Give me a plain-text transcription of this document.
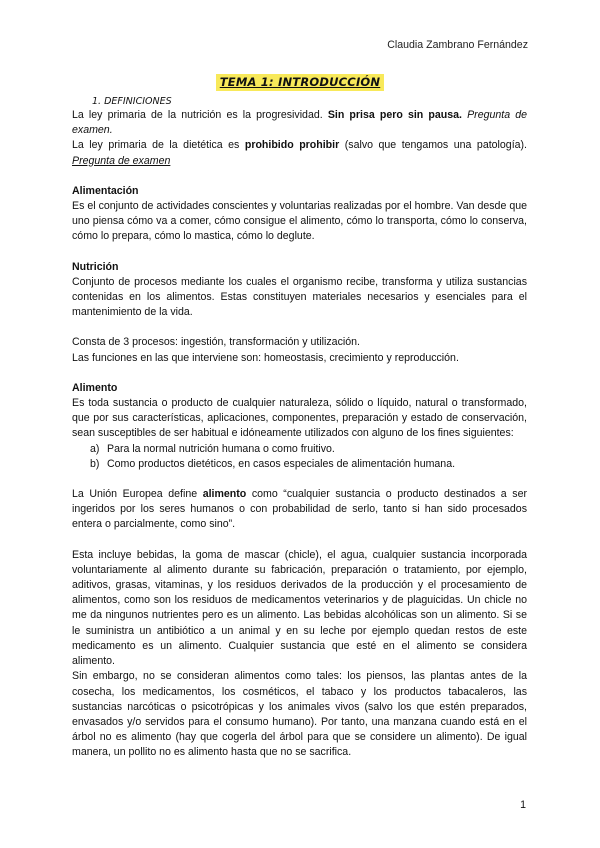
Claudia Zambrano Fernández
TEMA 1: INTRODUCCIÓN
1. DEFINICIONES

La ley primaria de la nutrición es la progresividad. Sin prisa pero sin pausa. Pregunta de examen.

La ley primaria de la dietética es prohibido prohibir (salvo que tengamos una patología). Pregunta de examen

Alimentación

Es el conjunto de actividades conscientes y voluntarias realizadas por el hombre. Van desde que uno piensa cómo va a comer, cómo consigue el alimento, cómo lo transporta, cómo lo conserva, cómo lo prepara, cómo lo mastica, cómo lo deglute.

Nutrición

Conjunto de procesos mediante los cuales el organismo recibe, transforma y utiliza sustancias contenidas en los alimentos. Estas constituyen materiales necesarios y esenciales para el mantenimiento de la vida.

Consta de 3 procesos: ingestión, transformación y utilización.

Las funciones en las que interviene son: homeostasis, crecimiento y reproducción.

Alimento

Es toda sustancia o producto de cualquier naturaleza, sólido o líquido, natural o transformado, que por sus características, aplicaciones, componentes, preparación y estado de conservación, sean susceptibles de ser habitual e idóneamente utilizados con alguno de los fines siguientes:

a) Para la normal nutrición humana o como fruitivo.
b) Como productos dietéticos, en casos especiales de alimentación humana.

La Unión Europea define alimento como “cualquier sustancia o producto destinados a ser ingeridos por los seres humanos o con probabilidad de serlo, tanto si han sido procesados entera o parcialmente, como sino”.

Esta incluye bebidas, la goma de mascar (chicle), el agua, cualquier sustancia incorporada voluntariamente al alimento durante su fabricación, preparación o tratamiento, por ejemplo, aditivos, grasas, vitaminas, y los residuos derivados de la producción y el procesamiento de alimentos, como son los residuos de medicamentos veterinarios y de plaguicidas. Un chicle no me da ningunos nutrientes pero es un alimento. Las bebidas alcohólicas son un alimento. Si se le suministra un antibiótico a un animal y en su leche por ejemplo quedan restos de este medicamento es un alimento. Cualquier sustancia que esté en el alimento se considera alimento.

Sin embargo, no se consideran alimentos como tales: los piensos, las plantas antes de la cosecha, los medicamentos, los cosméticos, el tabaco y los productos tabacaleros, las sustancias narcóticas o psicotrópicas y los animales vivos (salvo los que estén preparados, envasados y/o servidos para el consumo humano). Por tanto, una manzana cuando está en el árbol no es alimento (hay que cogerla del árbol para que se considere un alimento). De igual manera, un pollito no es alimento hasta que no se sacrifica.

1
